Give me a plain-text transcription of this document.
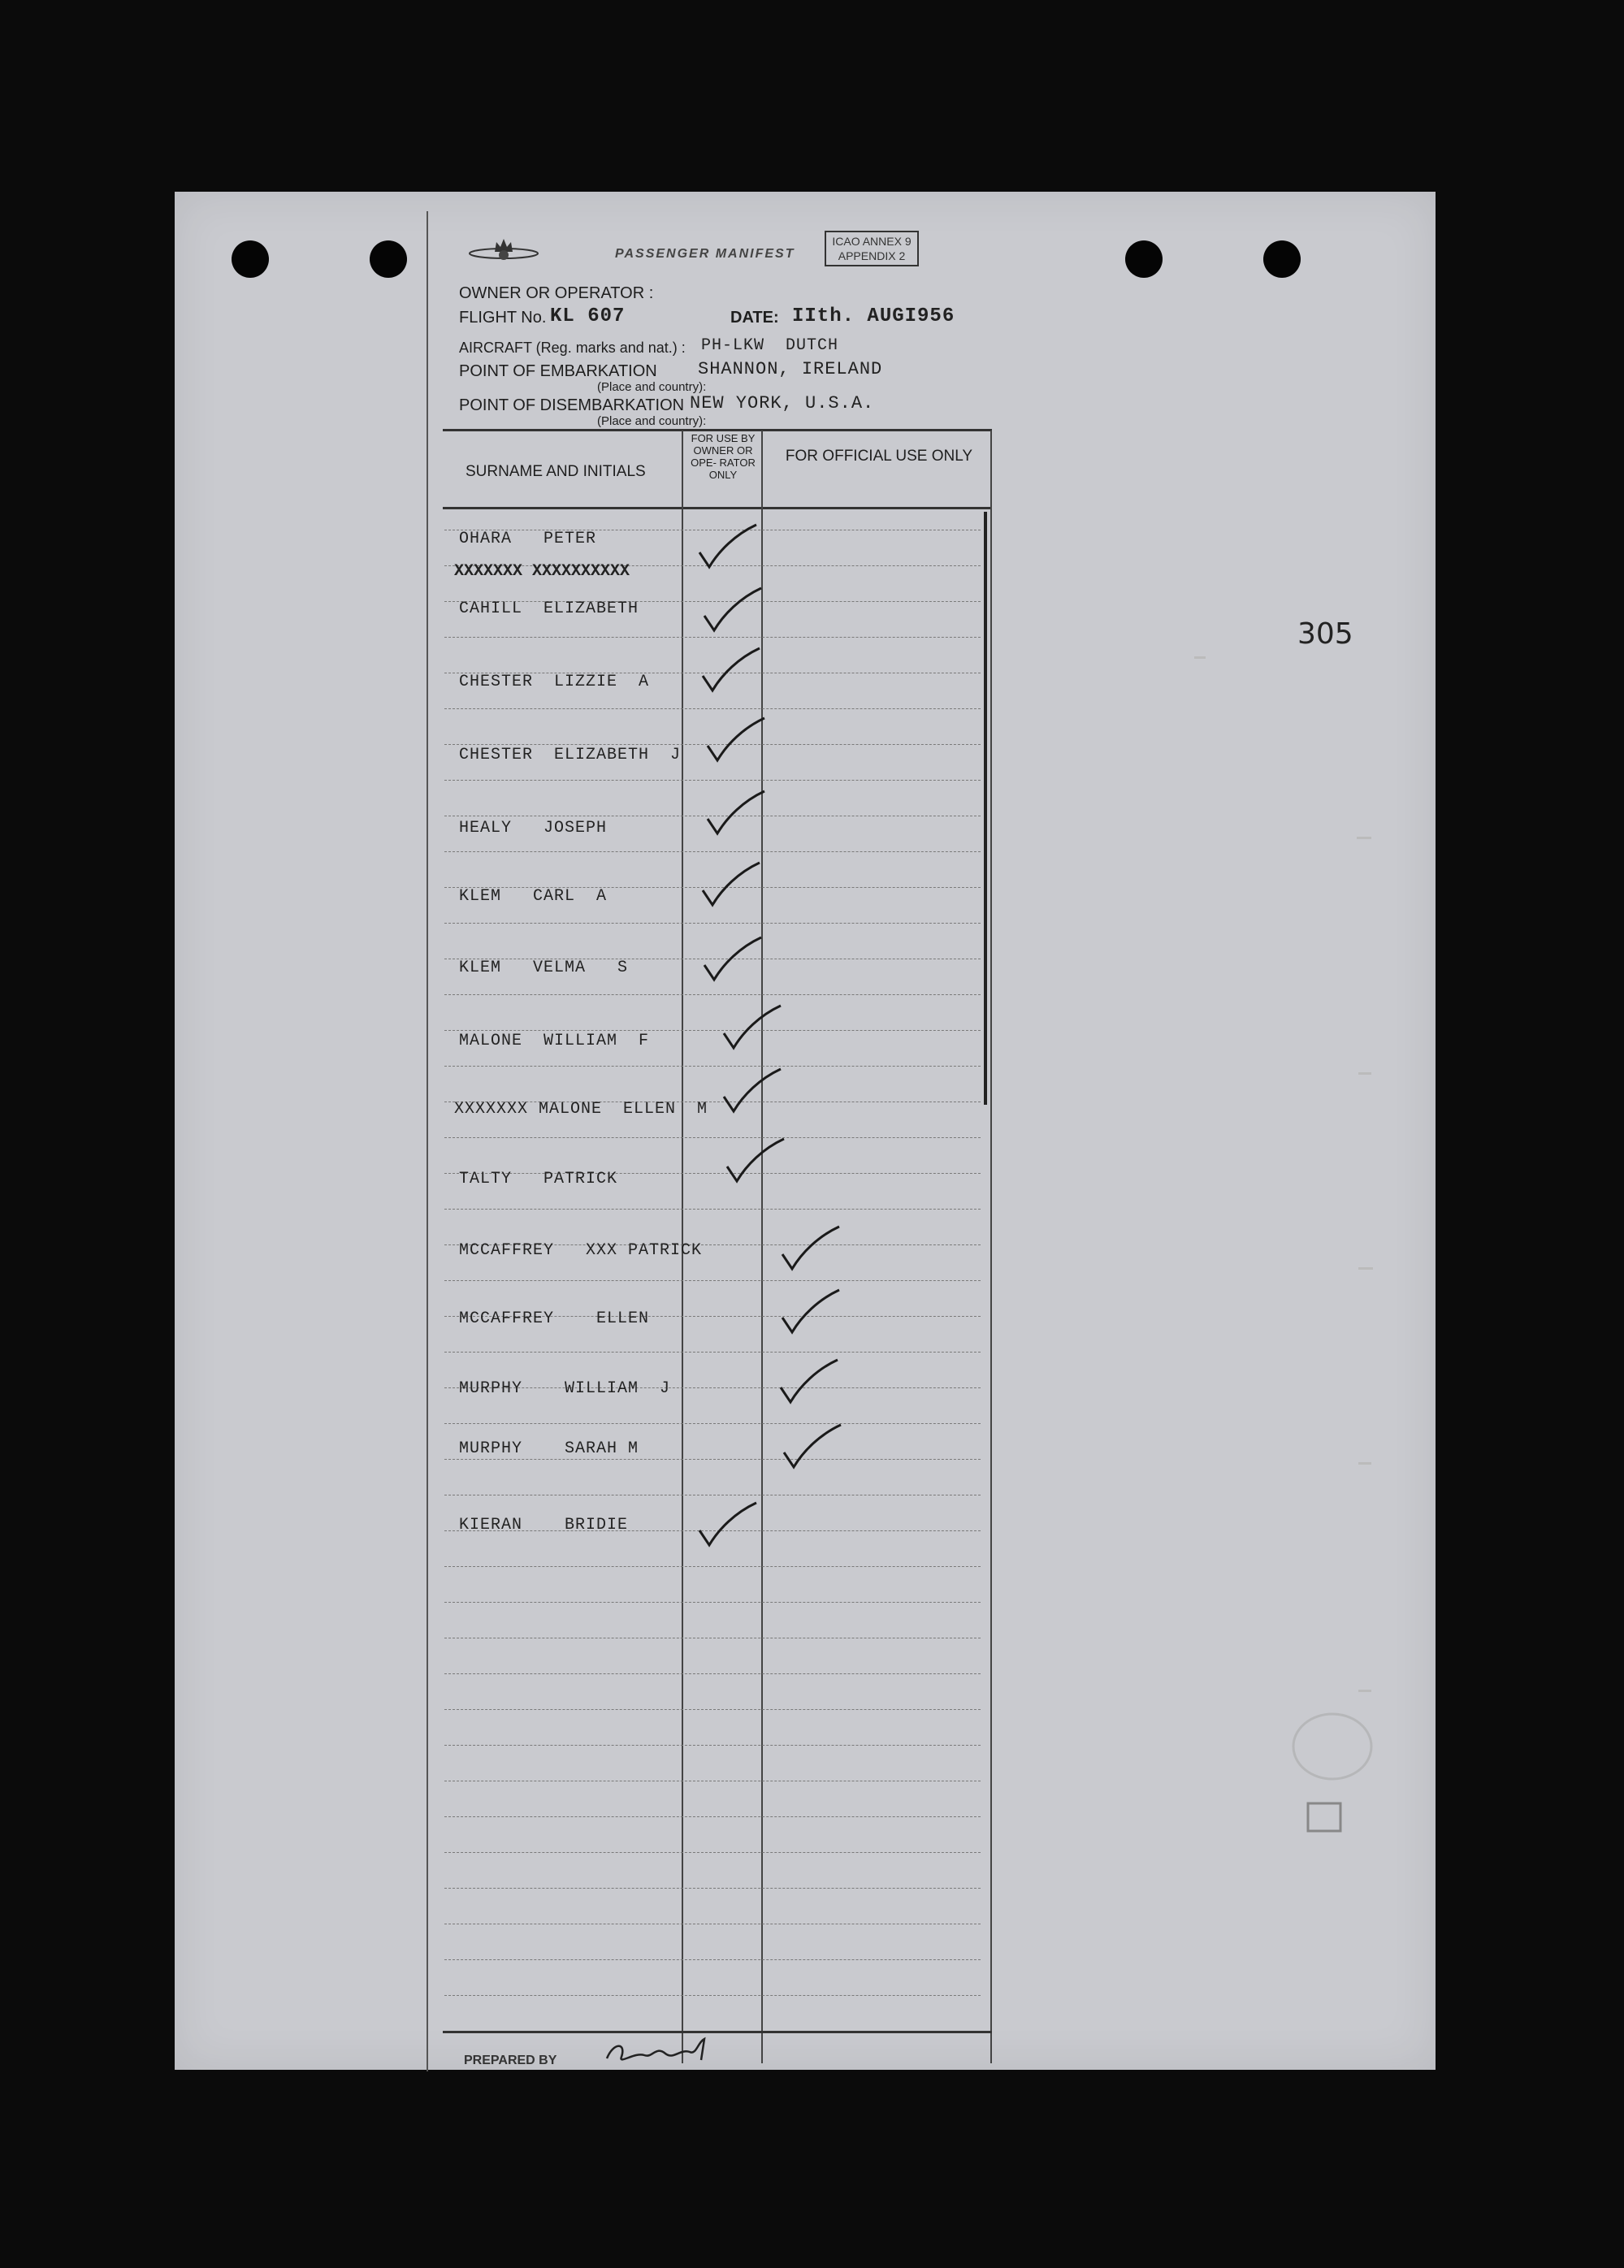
PASSENGER MANIFEST
ICAO ANNEX 9
APPENDIX 2
OWNER OR OPERATOR :
FLIGHT No. KL 607	DATE: IIth. AUGI956
AIRCRAFT (Reg. marks and nat.) : PH-LKW  DUTCH
POINT OF EMBARKATION SHANNON, IRELAND
(Place and country):
POINT OF DISEMBARKATION NEW YORK, U.S.A.
(Place and country):
SURNAME AND INITIALS
FOR USE BY OWNER OR OPE- RATOR ONLY
FOR OFFICIAL USE ONLY
OHARA   PETER
XXXXXXX XXXXXXXXXX
CAHILL  ELIZABETH
CHESTER  LIZZIE  A
CHESTER  ELIZABETH  J
HEALY   JOSEPH
KLEM   CARL  A
KLEM   VELMA   S
MALONE  WILLIAM  F
XXXXXXX MALONE  ELLEN  M
TALTY   PATRICK
MCCAFFREY   XXX PATRICK
MCCAFFREY    ELLEN
MURPHY    WILLIAM  J
MURPHY    SARAH M
KIERAN    BRIDIE
PREPARED BY
305
